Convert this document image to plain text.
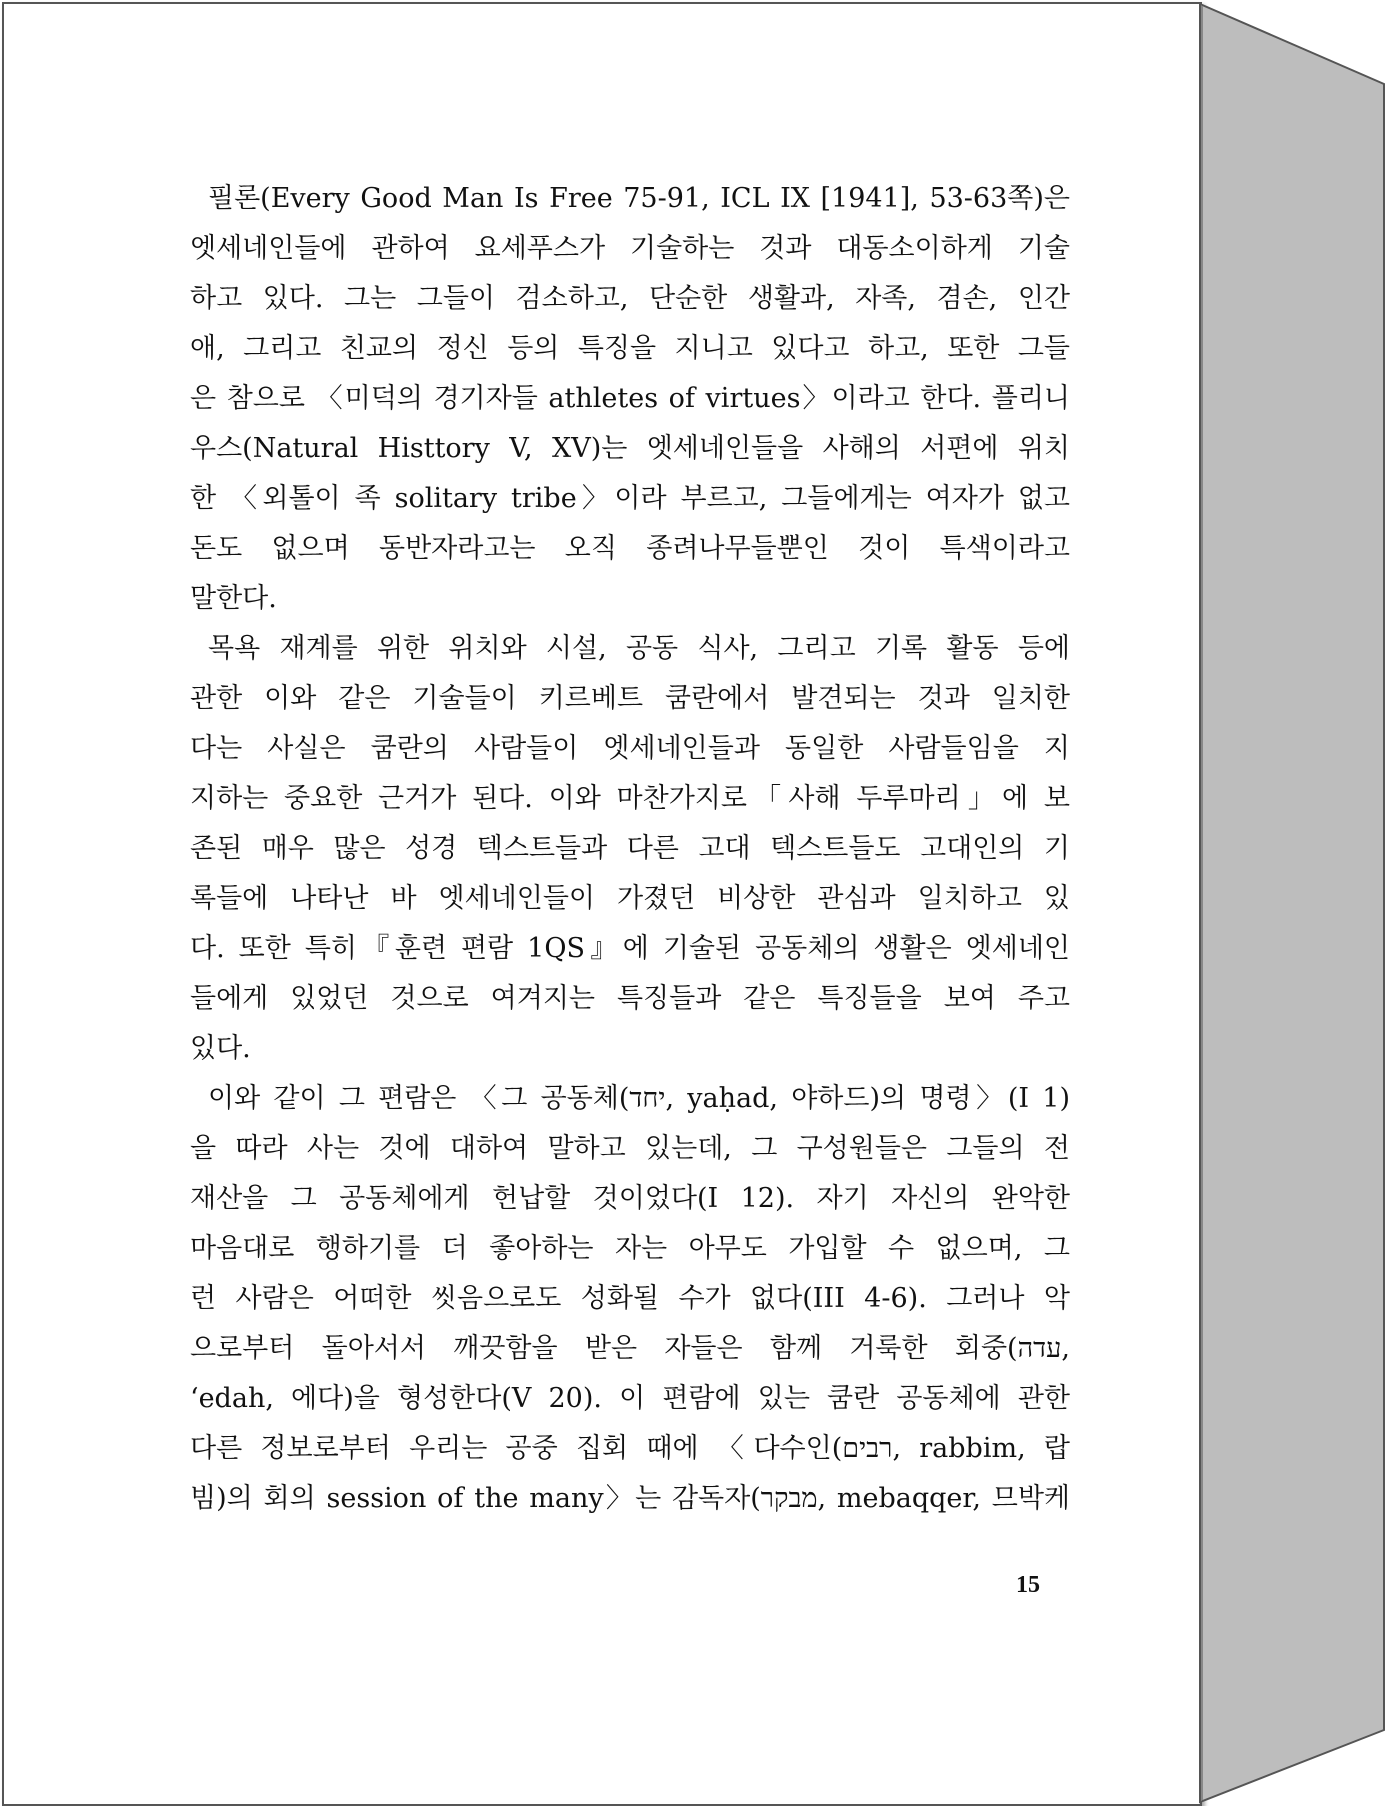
필론(Every Good Man Is Free 75-91, ICL IX [1941], 53-63쪽)은
엣세네인들에 관하여 요세푸스가 기술하는 것과 대동소이하게 기술
하고 있다. 그는 그들이 검소하고, 단순한 생활과, 자족, 겸손, 인간
애, 그리고 친교의 정신 등의 특징을 지니고 있다고 하고, 또한 그들
은 참으로 〈미덕의 경기자들 athletes of virtues〉이라고 한다. 플리니
우스(Natural Histtory V, XV)는 엣세네인들을 사해의 서편에 위치
한 〈외톨이 족 solitary tribe〉이라 부르고, 그들에게는 여자가 없고
돈도 없으며 동반자라고는 오직 종려나무들뿐인 것이 특색이라고
말한다.
목욕 재계를 위한 위치와 시설, 공동 식사, 그리고 기록 활동 등에
관한 이와 같은 기술들이 키르베트 쿰란에서 발견되는 것과 일치한
다는 사실은 쿰란의 사람들이 엣세네인들과 동일한 사람들임을 지
지하는 중요한 근거가 된다. 이와 마찬가지로「사해 두루마리」에 보
존된 매우 많은 성경 텍스트들과 다른 고대 텍스트들도 고대인의 기
록들에 나타난 바 엣세네인들이 가졌던 비상한 관심과 일치하고 있
다. 또한 특히『훈련 편람 1QS』에 기술된 공동체의 생활은 엣세네인
들에게 있었던 것으로 여겨지는 특징들과 같은 특징들을 보여 주고
있다.
이와 같이 그 편람은 〈그 공동체(יחד, yaḥad, 야하드)의 명령〉(I 1)
을 따라 사는 것에 대하여 말하고 있는데, 그 구성원들은 그들의 전
재산을 그 공동체에게 헌납할 것이었다(I 12). 자기 자신의 완악한
마음대로 행하기를 더 좋아하는 자는 아무도 가입할 수 없으며, 그
런 사람은 어떠한 씻음으로도 성화될 수가 없다(III 4-6). 그러나 악
으로부터 돌아서서 깨끗함을 받은 자들은 함께 거룩한 회중(עדה,
‘edah, 에다)을 형성한다(V 20). 이 편람에 있는 쿰란 공동체에 관한
다른 정보로부터 우리는 공중 집회 때에 〈다수인(רבים, rabbim, 랍
빔)의 회의 session of the many〉는 감독자(מבקר, mebaqqer, 므박케
15
